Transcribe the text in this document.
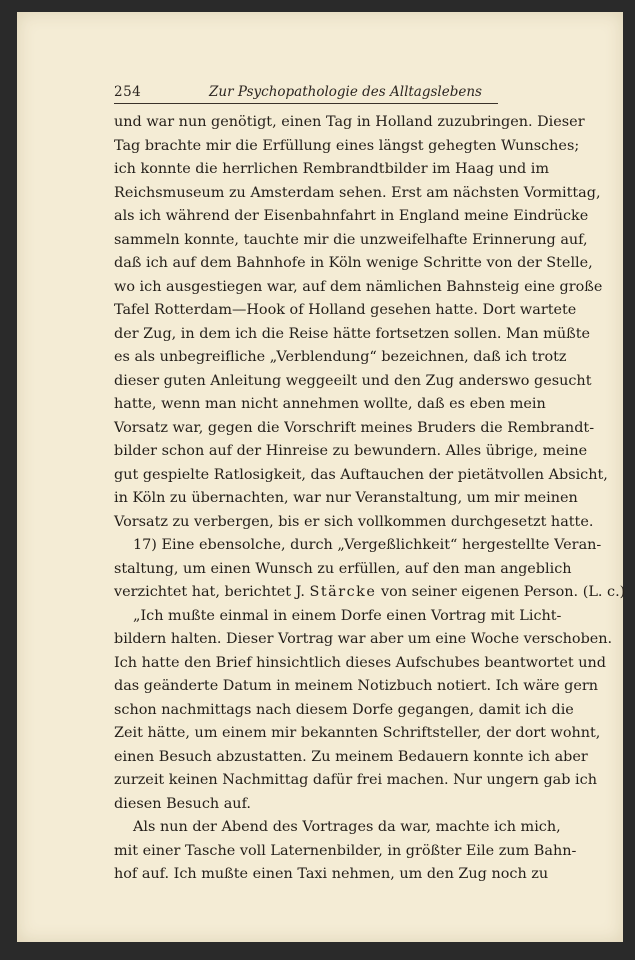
254	Zur Psychopathologie des Alltagslebens
und war nun genötigt, einen Tag in Holland zuzubringen. Dieser
Tag brachte mir die Erfüllung eines längst gehegten Wunsches;
ich konnte die herrlichen Rembrandtbilder im Haag und im
Reichsmuseum zu Amsterdam sehen. Erst am nächsten Vormittag,
als ich während der Eisenbahnfahrt in England meine Eindrücke
sammeln konnte, tauchte mir die unzweifelhafte Erinnerung auf,
daß ich auf dem Bahnhofe in Köln wenige Schritte von der Stelle,
wo ich ausgestiegen war, auf dem nämlichen Bahnsteig eine große
Tafel Rotterdam—Hook of Holland gesehen hatte. Dort wartete
der Zug, in dem ich die Reise hätte fortsetzen sollen. Man müßte
es als unbegreifliche „Verblendung“ bezeichnen, daß ich trotz
dieser guten Anleitung weggeeilt und den Zug anderswo gesucht
hatte, wenn man nicht annehmen wollte, daß es eben mein
Vorsatz war, gegen die Vorschrift meines Bruders die Rembrandt-
bilder schon auf der Hinreise zu bewundern. Alles übrige, meine
gut gespielte Ratlosigkeit, das Auftauchen der pietätvollen Absicht,
in Köln zu übernachten, war nur Veranstaltung, um mir meinen
Vorsatz zu verbergen, bis er sich vollkommen durchgesetzt hatte.
17) Eine ebensolche, durch „Vergeßlichkeit“ hergestellte Veran-
staltung, um einen Wunsch zu erfüllen, auf den man angeblich
verzichtet hat, berichtet J. Stärcke von seiner eigenen Person. (L. c.)
„Ich mußte einmal in einem Dorfe einen Vortrag mit Licht-
bildern halten. Dieser Vortrag war aber um eine Woche verschoben.
Ich hatte den Brief hinsichtlich dieses Aufschubes beantwortet und
das geänderte Datum in meinem Notizbuch notiert. Ich wäre gern
schon nachmittags nach diesem Dorfe gegangen, damit ich die
Zeit hätte, um einem mir bekannten Schriftsteller, der dort wohnt,
einen Besuch abzustatten. Zu meinem Bedauern konnte ich aber
zurzeit keinen Nachmittag dafür frei machen. Nur ungern gab ich
diesen Besuch auf.
Als nun der Abend des Vortrages da war, machte ich mich,
mit einer Tasche voll Laternenbilder, in größter Eile zum Bahn-
hof auf. Ich mußte einen Taxi nehmen, um den Zug noch zu
